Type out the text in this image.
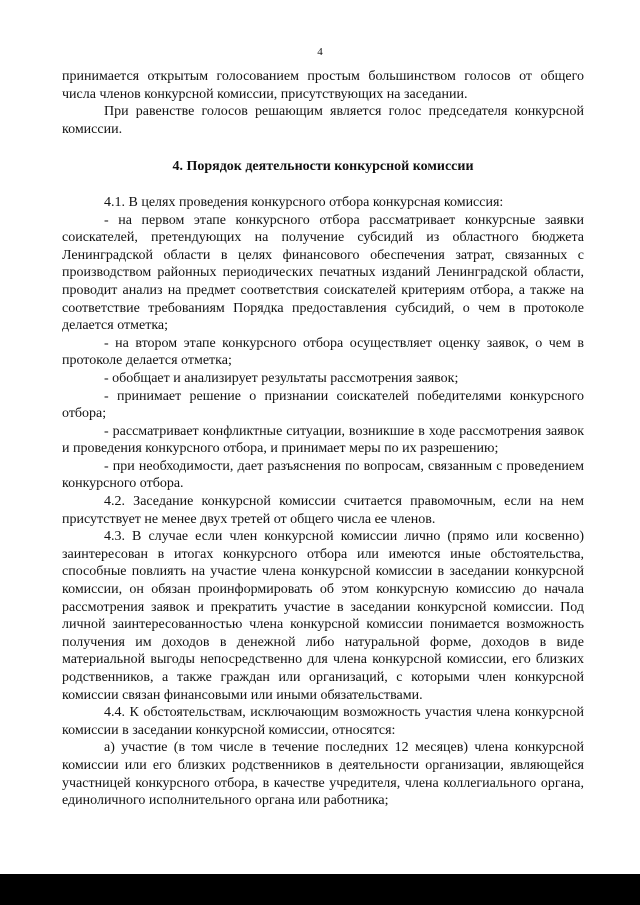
4

принимается открытым голосованием простым большинством голосов от общего числа членов конкурсной комиссии, присутствующих на заседании.

При равенстве голосов решающим является голос председателя конкурсной комиссии.

4. Порядок деятельности конкурсной комиссии

4.1. В целях проведения конкурсного отбора конкурсная комиссия:

- на первом этапе конкурсного отбора рассматривает конкурсные заявки соискателей, претендующих на получение субсидий из областного бюджета Ленинградской области в целях финансового обеспечения затрат, связанных с производством районных периодических печатных изданий Ленинградской области, проводит анализ на предмет соответствия соискателей критериям отбора, а также на соответствие требованиям Порядка предоставления субсидий, о чем в протоколе делается отметка;

- на втором этапе конкурсного отбора осуществляет оценку заявок, о чем в протоколе делается отметка;

- обобщает и анализирует результаты рассмотрения заявок;

- принимает решение о признании соискателей победителями конкурсного отбора;

- рассматривает конфликтные ситуации, возникшие в ходе рассмотрения заявок и проведения конкурсного отбора, и принимает меры по их разрешению;

- при необходимости, дает разъяснения по вопросам, связанным с проведением конкурсного отбора.

4.2. Заседание конкурсной комиссии считается правомочным, если на нем присутствует не менее двух третей от общего числа ее членов.

4.3. В случае если член конкурсной комиссии лично (прямо или косвенно) заинтересован в итогах конкурсного отбора или имеются иные обстоятельства, способные повлиять на участие члена конкурсной комиссии в заседании конкурсной комиссии, он обязан проинформировать об этом конкурсную комиссию до начала рассмотрения заявок и прекратить участие в заседании конкурсной комиссии. Под личной заинтересованностью члена конкурсной комиссии понимается возможность получения им доходов в денежной либо натуральной форме, доходов в виде материальной выгоды непосредственно для члена конкурсной комиссии, его близких родственников, а также граждан или организаций, с которыми член конкурсной комиссии связан финансовыми или иными обязательствами.

4.4. К обстоятельствам, исключающим возможность участия члена конкурсной комиссии в заседании конкурсной комиссии, относятся:

а) участие (в том числе в течение последних 12 месяцев) члена конкурсной комиссии или его близких родственников в деятельности организации, являющейся участницей конкурсного отбора, в качестве учредителя, члена коллегиального органа, единоличного исполнительного органа или работника;
